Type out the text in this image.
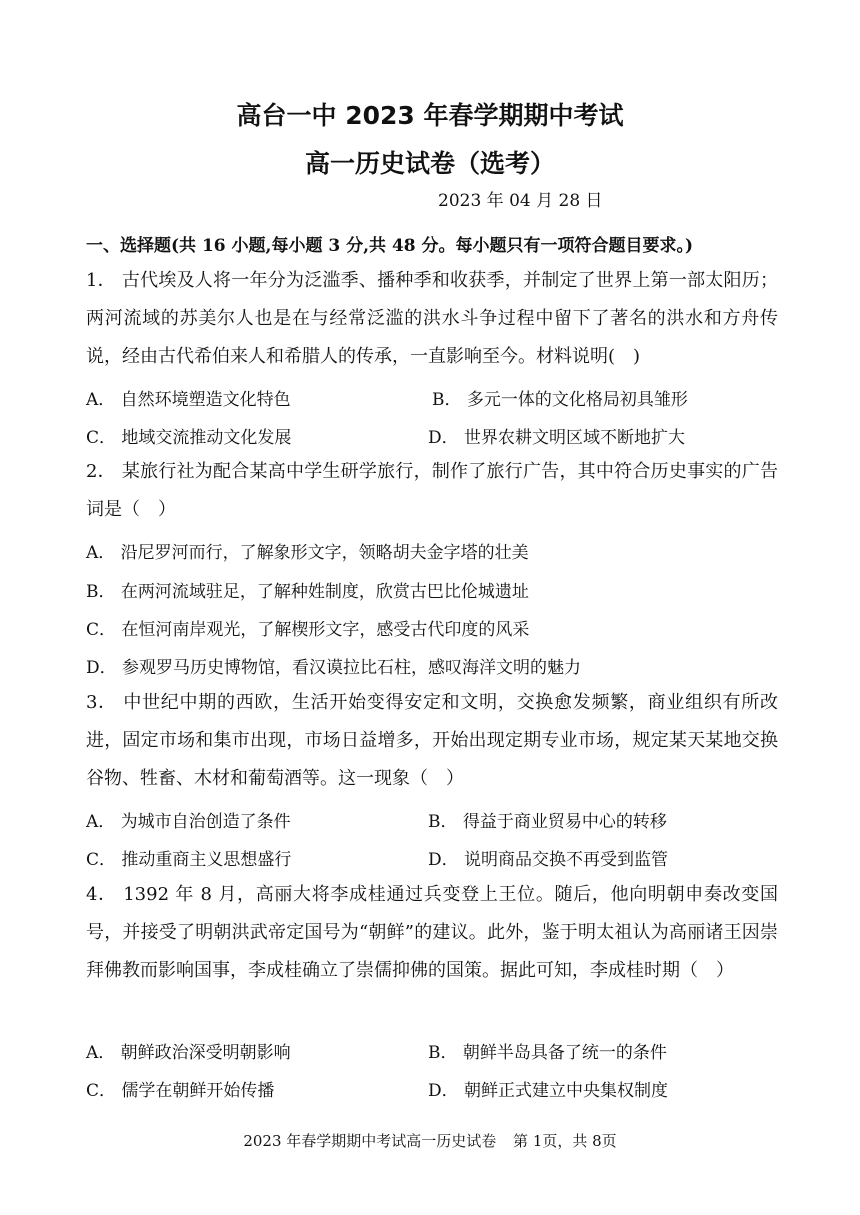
高台一中 2023 年春学期期中考试
高一历史试卷（选考）
2023 年 04 月 28 日
一、选择题(共 16 小题,每小题 3 分,共 48 分。每小题只有一项符合题目要求。)
1． 古代埃及人将一年分为泛滥季、播种季和收获季，并制定了世界上第一部太阳历；两河流域的苏美尔人也是在与经常泛滥的洪水斗争过程中留下了著名的洪水和方舟传说，经由古代希伯来人和希腊人的传承，一直影响至今。材料说明(　)
A． 自然环境塑造文化特色	B． 多元一体的文化格局初具雏形
C． 地域交流推动文化发展	D． 世界农耕文明区域不断地扩大
2． 某旅行社为配合某高中学生研学旅行，制作了旅行广告，其中符合历史事实的广告词是（　）
A． 沿尼罗河而行，了解象形文字，领略胡夫金字塔的壮美
B． 在两河流域驻足，了解种姓制度，欣赏古巴比伦城遗址
C． 在恒河南岸观光，了解楔形文字，感受古代印度的风采
D． 参观罗马历史博物馆，看汉谟拉比石柱，感叹海洋文明的魅力
3． 中世纪中期的西欧，生活开始变得安定和文明，交换愈发频繁，商业组织有所改进，固定市场和集市出现，市场日益增多，开始出现定期专业市场，规定某天某地交换谷物、牲畜、木材和葡萄酒等。这一现象（　）
A． 为城市自治创造了条件	B． 得益于商业贸易中心的转移
C． 推动重商主义思想盛行	D． 说明商品交换不再受到监管
4． 1392 年 8 月，高丽大将李成桂通过兵变登上王位。随后，他向明朝申奏改变国号，并接受了明朝洪武帝定国号为“朝鲜”的建议。此外，鉴于明太祖认为高丽诸王因崇拜佛教而影响国事，李成桂确立了崇儒抑佛的国策。据此可知，李成桂时期（　）
A． 朝鲜政治深受明朝影响	B． 朝鲜半岛具备了统一的条件
C． 儒学在朝鲜开始传播	D． 朝鲜正式建立中央集权制度
2023 年春学期期中考试高一历史试卷 第 1页，共 8页
